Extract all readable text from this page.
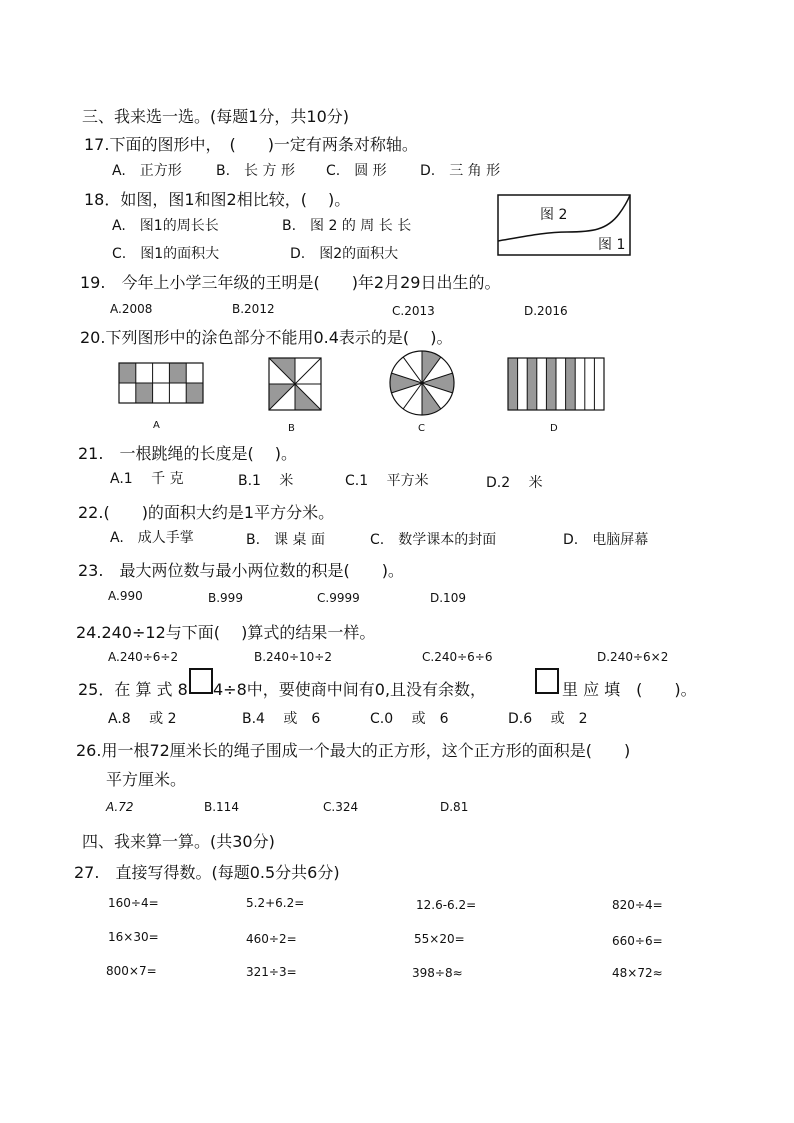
三、我来选一选。(每题1分，共10分)
17.下面的图形中，　(　　)一定有两条对称轴。
A.　正方形 B.　长 方 形 C.　圆 形 D.　三 角 形
18．如图，图1和图2相比较，(　 )。
A.　图1的周长长	B.　图 2 的 周 长 长
C.　图1的面积大	D.　图2的面积大
图 2
图 1
19.　今年上小学三年级的王明是(　　)年2月29日出生的。
A.2008	B.2012	C.2013	D.2016
20.下列图形中的涂色部分不能用0.4表示的是(　 )。
A	B	C	D
21.　一根跳绳的长度是(　 )。
A.1　 千 克	B.1　 米	C.1　 平方米	D.2　 米
22.(　　)的面积大约是1平方分米。
A.　成人手掌	B.　课 桌 面	C.　数学课本的封面	D.　电脑屏幕
23.　最大两位数与最小两位数的积是(　　)。
A.990	B.999	C.9999	D.109
24.240÷12与下面(　 )算式的结果一样。
A.240÷6÷2	B.240÷10÷2	C.240÷6÷6	D.240÷6×2
25．在 算 式 8 4÷8中，要使商中间有0,且没有余数，	里 应 填　(　　)。
A.8　 或 2	B.4　 或　6	C.0　 或　6	D.6　 或　2
26.用一根72厘米长的绳子围成一个最大的正方形，这个正方形的面积是(　　)
平方厘米。
A.72	B.114	C.324	D.81
四、我来算一算。(共30分)
27.　直接写得数。(每题0.5分共6分)
160÷4=	5.2+6.2=	12.6-6.2=	820÷4=
16×30=	460÷2=	55×20=	660÷6=
800×7=	321÷3=	398÷8≈	48×72≈
